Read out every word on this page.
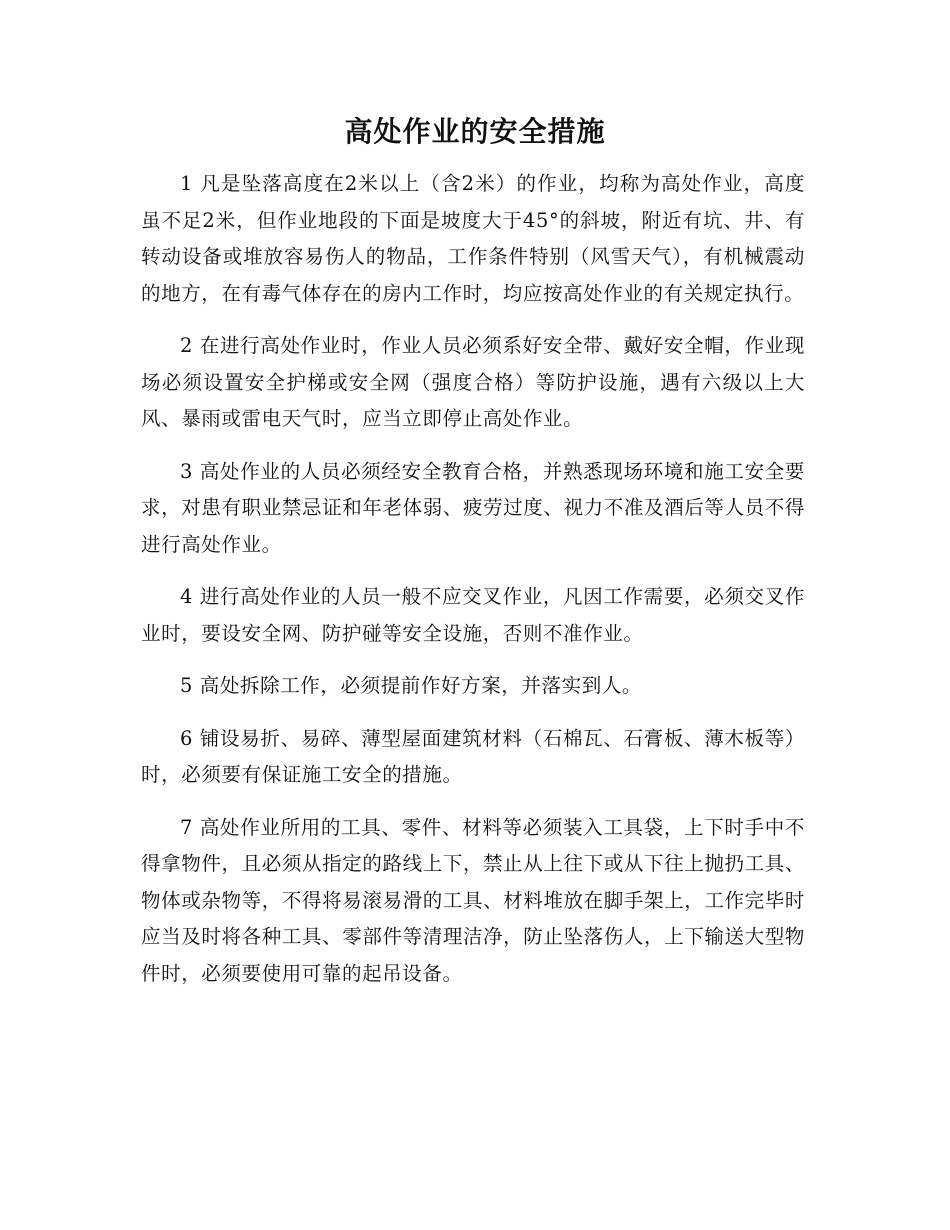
高处作业的安全措施

1 凡是坠落高度在2米以上（含2米）的作业，均称为高处作业，高度虽不足2米，但作业地段的下面是坡度大于45°的斜坡，附近有坑、井、有转动设备或堆放容易伤人的物品，工作条件特别（风雪天气），有机械震动的地方，在有毒气体存在的房内工作时，均应按高处作业的有关规定执行。

2 在进行高处作业时，作业人员必须系好安全带、戴好安全帽，作业现场必须设置安全护梯或安全网（强度合格）等防护设施，遇有六级以上大风、暴雨或雷电天气时，应当立即停止高处作业。

3 高处作业的人员必须经安全教育合格，并熟悉现场环境和施工安全要求，对患有职业禁忌证和年老体弱、疲劳过度、视力不准及酒后等人员不得进行高处作业。

4 进行高处作业的人员一般不应交叉作业，凡因工作需要，必须交叉作业时，要设安全网、防护碰等安全设施，否则不准作业。

5 高处拆除工作，必须提前作好方案，并落实到人。

6 铺设易折、易碎、薄型屋面建筑材料（石棉瓦、石膏板、薄木板等）时，必须要有保证施工安全的措施。

7 高处作业所用的工具、零件、材料等必须装入工具袋，上下时手中不得拿物件，且必须从指定的路线上下，禁止从上往下或从下往上抛扔工具、物体或杂物等，不得将易滚易滑的工具、材料堆放在脚手架上，工作完毕时应当及时将各种工具、零部件等清理洁净，防止坠落伤人，上下输送大型物件时，必须要使用可靠的起吊设备。
